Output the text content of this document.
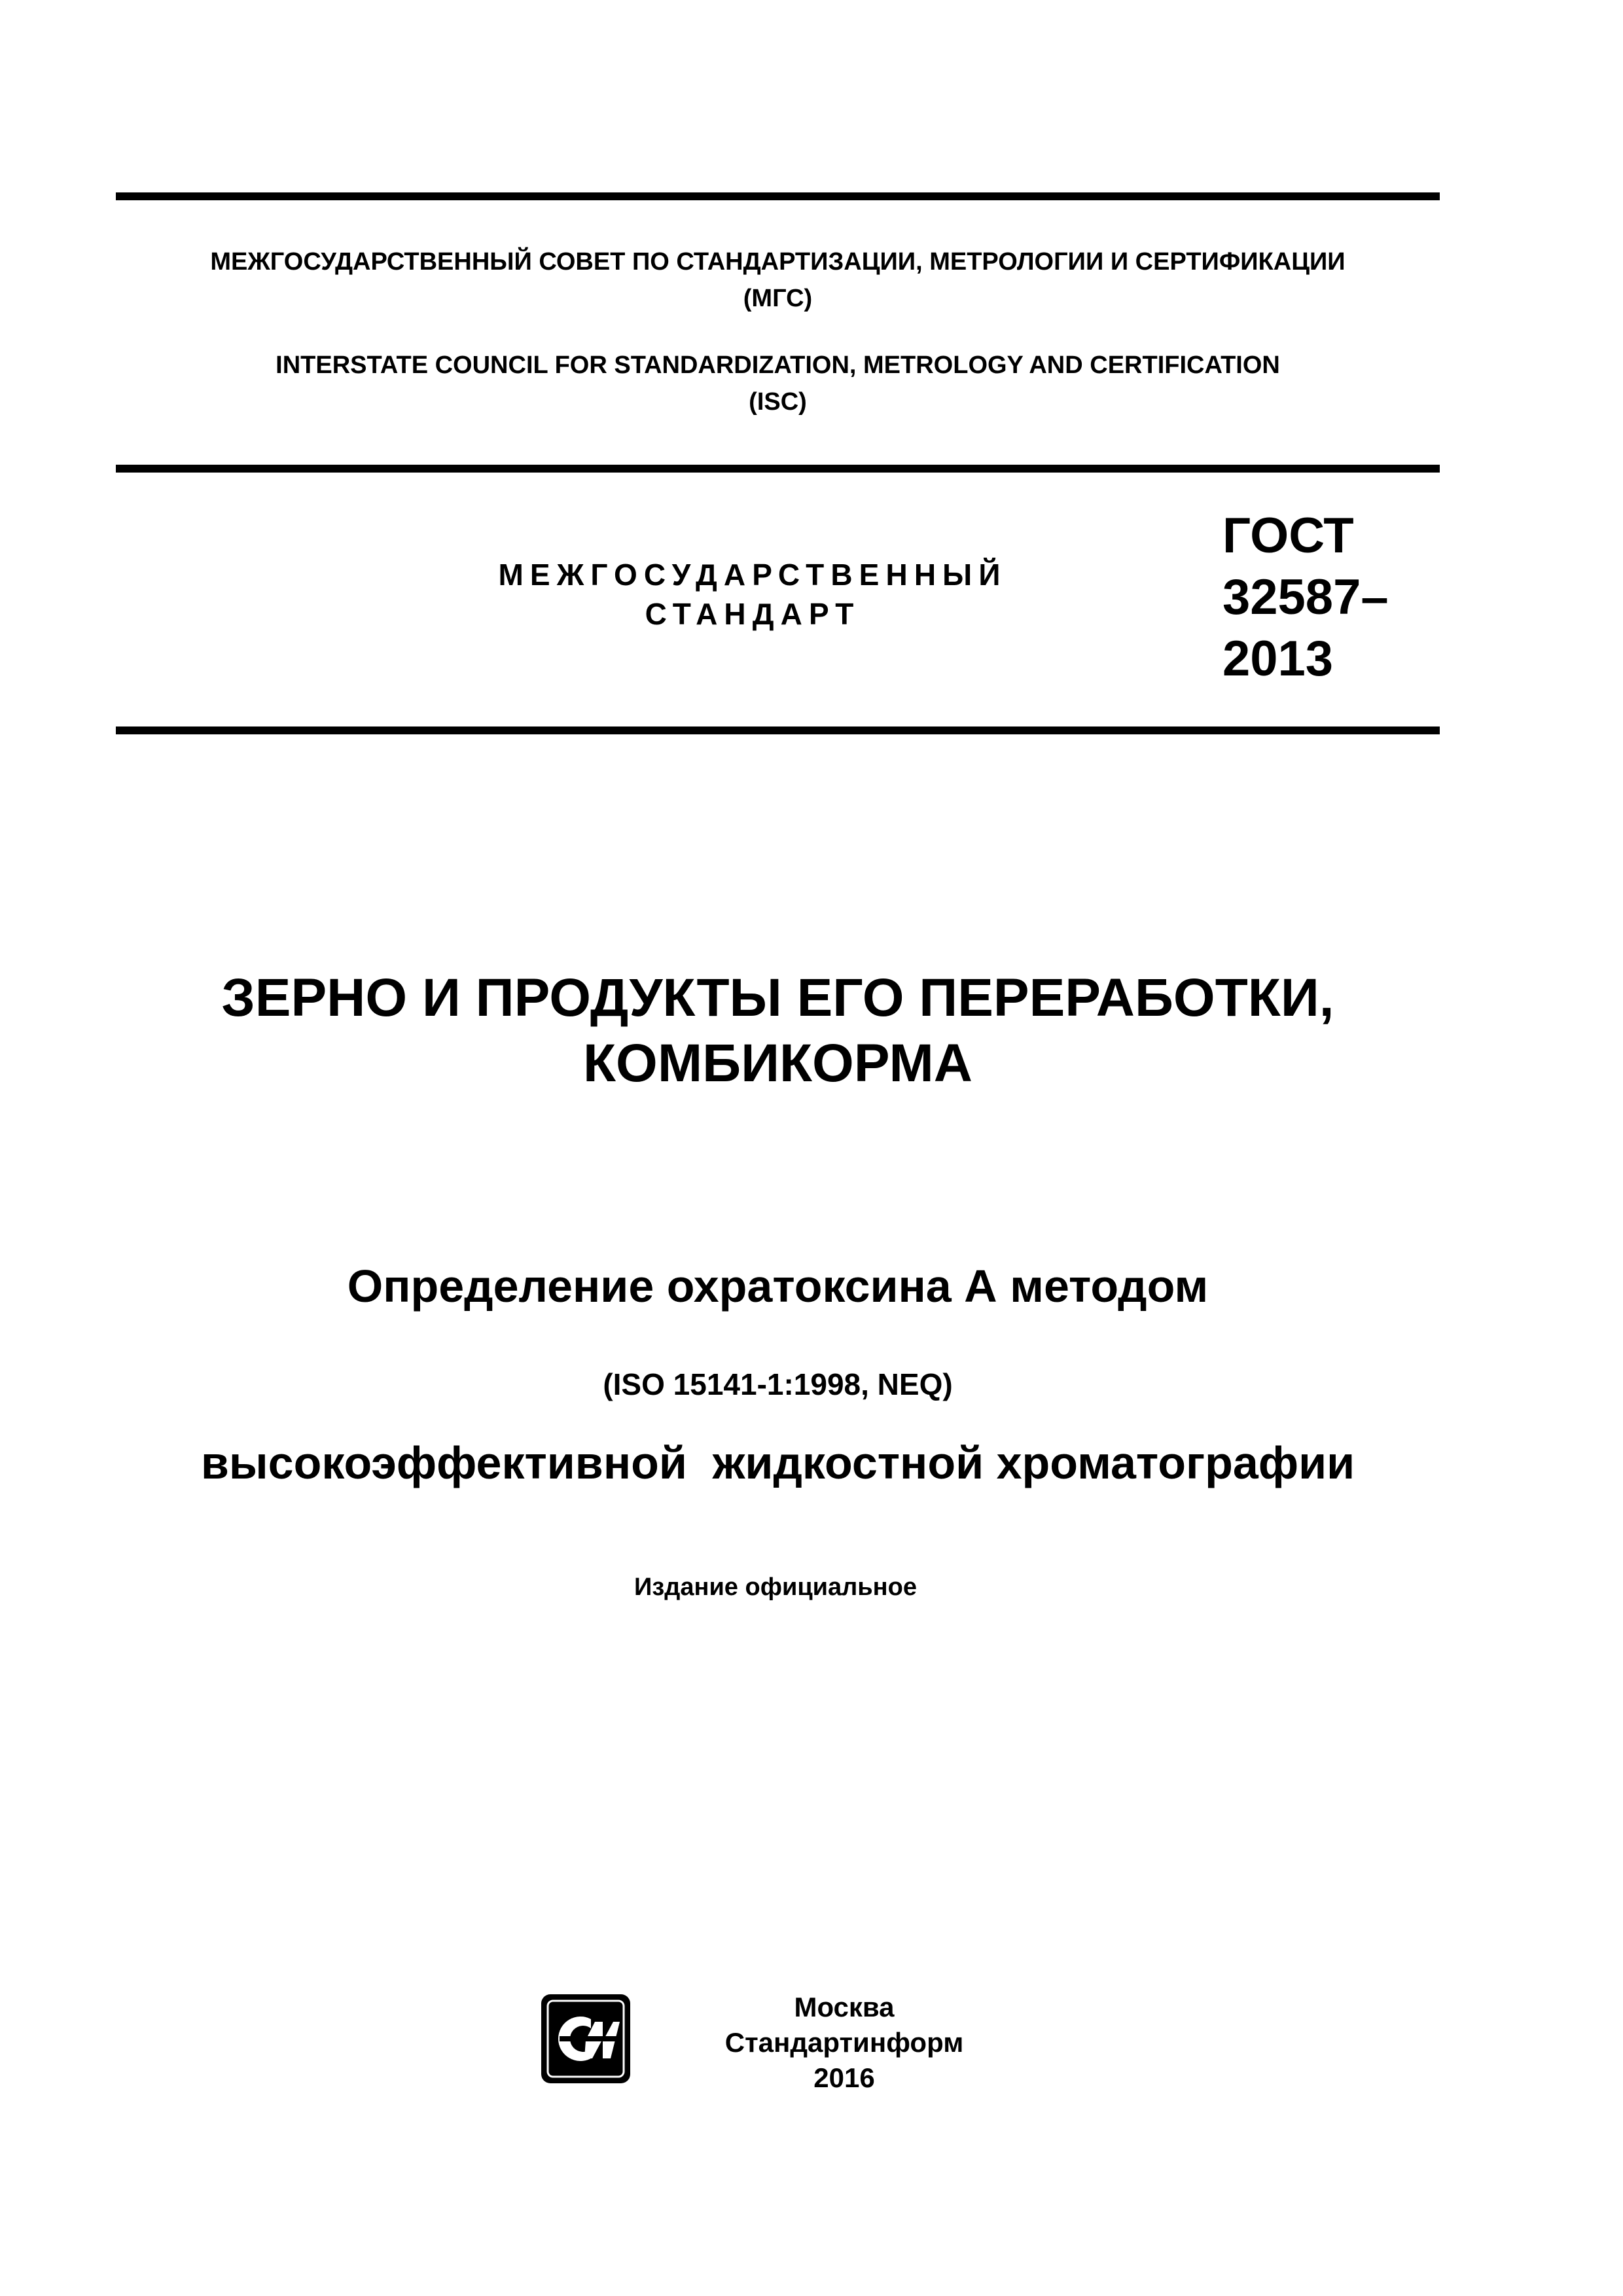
МЕЖГОСУДАРСТВЕННЫЙ СОВЕТ ПО СТАНДАРТИЗАЦИИ, МЕТРОЛОГИИ И СЕРТИФИКАЦИИ
(МГС)
INTERSTATE COUNCIL FOR STANDARDIZATION, METROLOGY AND CERTIFICATION
(ISC)
МЕЖГОСУДАРСТВЕННЫЙ
СТАНДАРТ
ГОСТ
32587–
2013
ЗЕРНО И ПРОДУКТЫ ЕГО ПЕРЕРАБОТКИ,
КОМБИКОРМА

Определение охратоксина А методом

высокоэффективной  жидкостной хроматографии

(ISO 15141-1:1998, NEQ)
Издание официальное
Москва
Стандартинформ
2016
